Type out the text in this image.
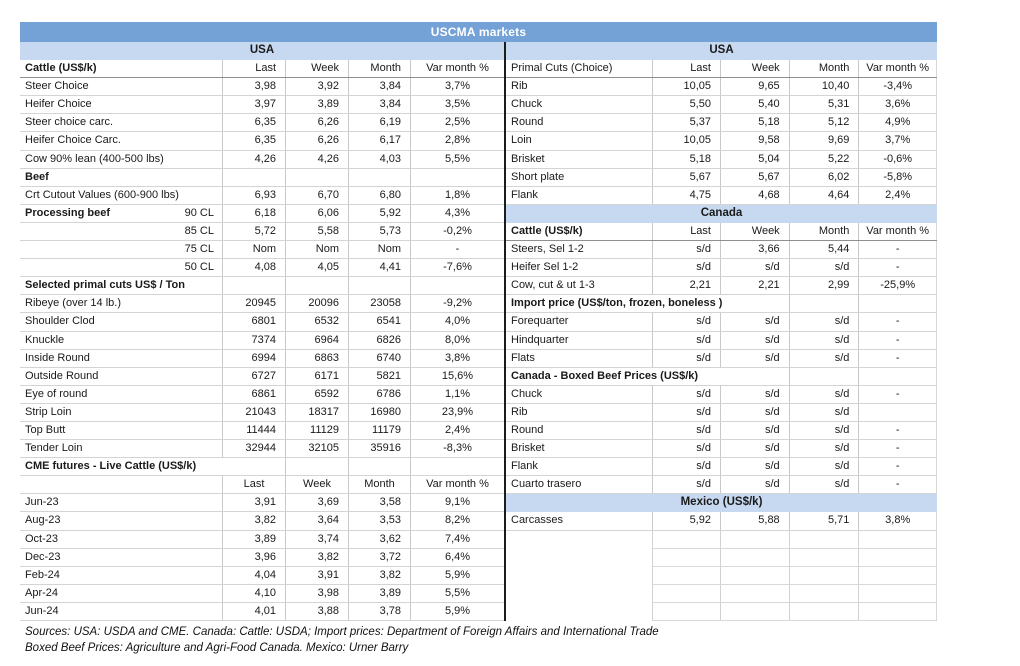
USCMA markets
USA
Cattle (US$/k)	Last	Week	Month	Var month %
Steer Choice	3,98	3,92	3,84	3,7%
Heifer Choice	3,97	3,89	3,84	3,5%
Steer choice carc.	6,35	6,26	6,19	2,5%
Heifer Choice Carc.	6,35	6,26	6,17	2,8%
Cow 90% lean (400-500 lbs)	4,26	4,26	4,03	5,5%
Beef
Crt Cutout Values (600-900 lbs)	6,93	6,70	6,80	1,8%
Processing beef	90 CL	6,18	6,06	5,92	4,3%
85 CL	5,72	5,58	5,73	-0,2%
75 CL	Nom	Nom	Nom	-
50 CL	4,08	4,05	4,41	-7,6%
Selected primal cuts US$ / Ton
Ribeye (over 14 lb.)	20945	20096	23058	-9,2%
Shoulder Clod	6801	6532	6541	4,0%
Knuckle	7374	6964	6826	8,0%
Inside Round	6994	6863	6740	3,8%
Outside Round	6727	6171	5821	15,6%
Eye of round	6861	6592	6786	1,1%
Strip Loin	21043	18317	16980	23,9%
Top Butt	11444	11129	11179	2,4%
Tender Loin	32944	32105	35916	-8,3%
CME futures - Live Cattle (US$/k)
Last	Week	Month	Var month %
Jun-23	3,91	3,69	3,58	9,1%
Aug-23	3,82	3,64	3,53	8,2%
Oct-23	3,89	3,74	3,62	7,4%
Dec-23	3,96	3,82	3,72	6,4%
Feb-24	4,04	3,91	3,82	5,9%
Apr-24	4,10	3,98	3,89	5,5%
Jun-24	4,01	3,88	3,78	5,9%
USA
Primal Cuts (Choice)	Last	Week	Month	Var month %
Rib	10,05	9,65	10,40	-3,4%
Chuck	5,50	5,40	5,31	3,6%
Round	5,37	5,18	5,12	4,9%
Loin	10,05	9,58	9,69	3,7%
Brisket	5,18	5,04	5,22	-0,6%
Short plate	5,67	5,67	6,02	-5,8%
Flank	4,75	4,68	4,64	2,4%
Canada
Cattle (US$/k)	Last	Week	Month	Var month %
Steers, Sel 1-2	s/d	3,66	5,44	-
Heifer Sel 1-2	s/d	s/d	s/d	-
Cow, cut & ut 1-3	2,21	2,21	2,99	-25,9%
Import price (US$/ton, frozen, boneless )
Forequarter	s/d	s/d	s/d	-
Hindquarter	s/d	s/d	s/d	-
Flats	s/d	s/d	s/d	-
Canada - Boxed Beef Prices (US$/k)
Chuck	s/d	s/d	s/d	-
Rib	s/d	s/d	s/d
Round	s/d	s/d	s/d	-
Brisket	s/d	s/d	s/d	-
Flank	s/d	s/d	s/d	-
Cuarto trasero	s/d	s/d	s/d	-
Mexico (US$/k)
Carcasses	5,92	5,88	5,71	3,8%
Sources: USA: USDA and CME. Canada: Cattle: USDA; Import prices: Department of Foreign Affairs and International Trade
Boxed Beef Prices: Agriculture and Agri-Food Canada. Mexico: Urner Barry
